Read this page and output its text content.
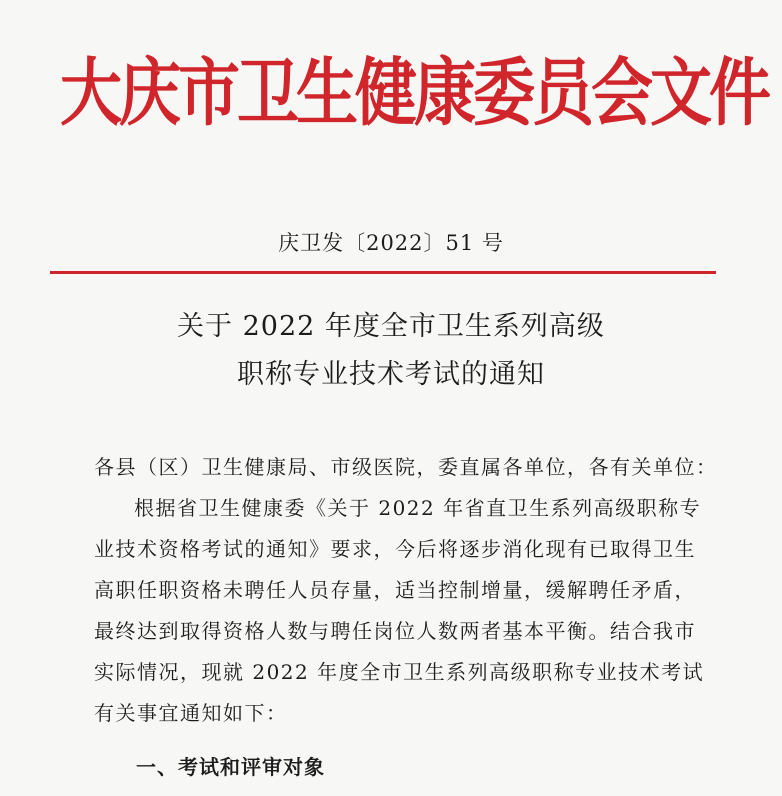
大庆市卫生健康委员会文件
庆卫发〔2022〕51 号
关于 2022 年度全市卫生系列高级
职称专业技术考试的通知
各县（区）卫生健康局、市级医院，委直属各单位，各有关单位：
根据省卫生健康委《关于 2022 年省直卫生系列高级职称专
业技术资格考试的通知》要求，今后将逐步消化现有已取得卫生
高职任职资格未聘任人员存量，适当控制增量，缓解聘任矛盾，
最终达到取得资格人数与聘任岗位人数两者基本平衡。结合我市
实际情况，现就 2022 年度全市卫生系列高级职称专业技术考试
有关事宜通知如下：
一、考试和评审对象
